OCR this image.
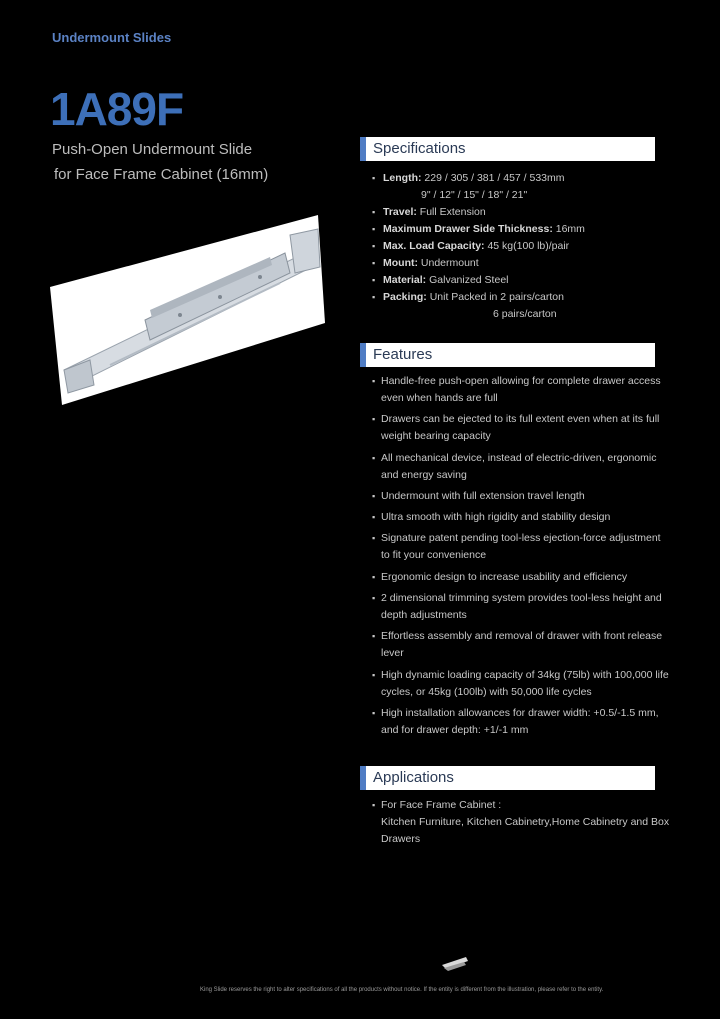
Undermount Slides
1A89F
Push-Open Undermount Slide
for Face Frame Cabinet (16mm)
Specifications
▪ Length: 229 / 305 / 381 / 457 / 533mm
9" / 12" / 15" / 18" / 21"
▪ Travel: Full Extension
▪ Maximum Drawer Side Thickness: 16mm
▪ Max. Load Capacity: 45 kg(100 lb)/pair
▪ Mount: Undermount
▪ Material: Galvanized Steel
▪ Packing: Unit Packed in 2 pairs/carton
6 pairs/carton
Features
▪ Handle-free push-open allowing for complete drawer access even when hands are full
▪ Drawers can be ejected to its full extent even when at its full weight bearing capacity
▪ All mechanical device, instead of electric-driven, ergonomic and energy saving
▪ Undermount with full extension travel length
▪ Ultra smooth with high rigidity and stability design
▪ Signature patent pending tool-less ejection-force adjustment to fit your convenience
▪ Ergonomic design to increase usability and efficiency
▪ 2 dimensional trimming system provides tool-less height and depth adjustments
▪ Effortless assembly and removal of drawer with front release lever
▪ High dynamic loading capacity of 34kg (75lb) with 100,000 life cycles, or 45kg (100lb) with 50,000 life cycles
▪ High installation allowances for drawer width: +0.5/-1.5 mm, and for drawer depth: +1/-1 mm
Applications
▪ For Face Frame Cabinet :
Kitchen Furniture, Kitchen Cabinetry,Home Cabinetry and Box Drawers
King Slide reserves the right to alter specifications of all the products without notice. If the entity is different from the illustration, please refer to the entity.
